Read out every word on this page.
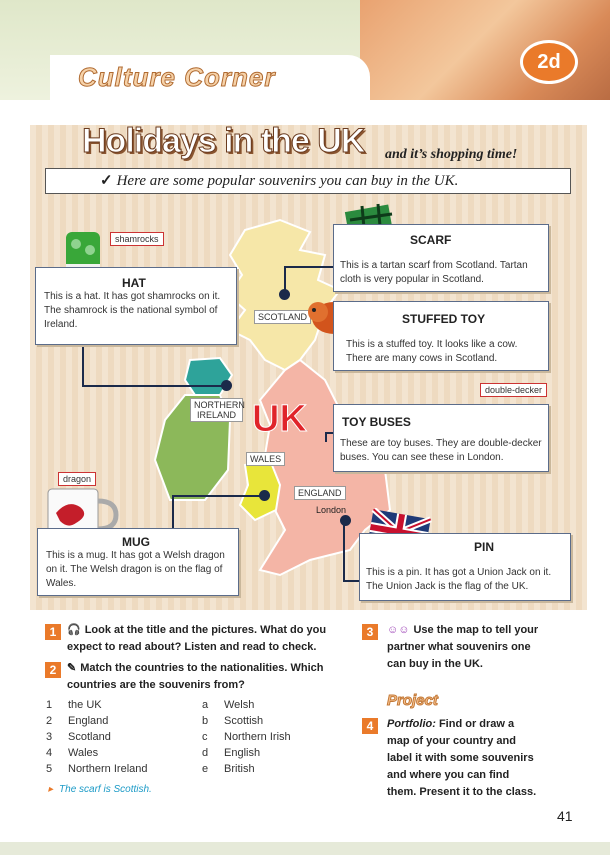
Culture Corner
2d
Holidays in the UK and it’s shopping time!
✓ Here are some popular souvenirs you can buy in the UK.
SCOTLAND
NORTHERN IRELAND
WALES
ENGLAND
London
UK
shamrocks
HAT

This is a hat. It has got shamrocks on it. The shamrock is the national symbol of Ireland.

SCARF

This is a tartan scarf from Scotland. Tartan cloth is very popular in Scotland.

STUFFED TOY

This is a stuffed toy. It looks like a cow. There are many cows in Scotland.

double-decker
TOY BUSES

These are toy buses. They are double-decker buses. You can see these in London.

dragon
MUG

This is a mug. It has got a Welsh dragon on it. The Welsh dragon is on the flag of Wales.

PIN

This is a pin. It has got a Union Jack on it. The Union Jack is the flag of the UK.

1 🎧 Look at the title and the pictures. What do you expect to read about? Listen and read to check.
2 ✎ Match the countries to the nationalities. Which countries are the souvenirs from?
1	the UK
2	England
3	Scotland
4	Wales
5	Northern Ireland
a	Welsh
b	Scottish
c	Northern Irish
d	English
e	British
▸ The scarf is Scottish.
3	☺☺ Use the map to tell your partner what souvenirs one can buy in the UK.
Project
4	Portfolio: Find or draw a map of your country and label it with some souvenirs and where you can find them. Present it to the class.
41
